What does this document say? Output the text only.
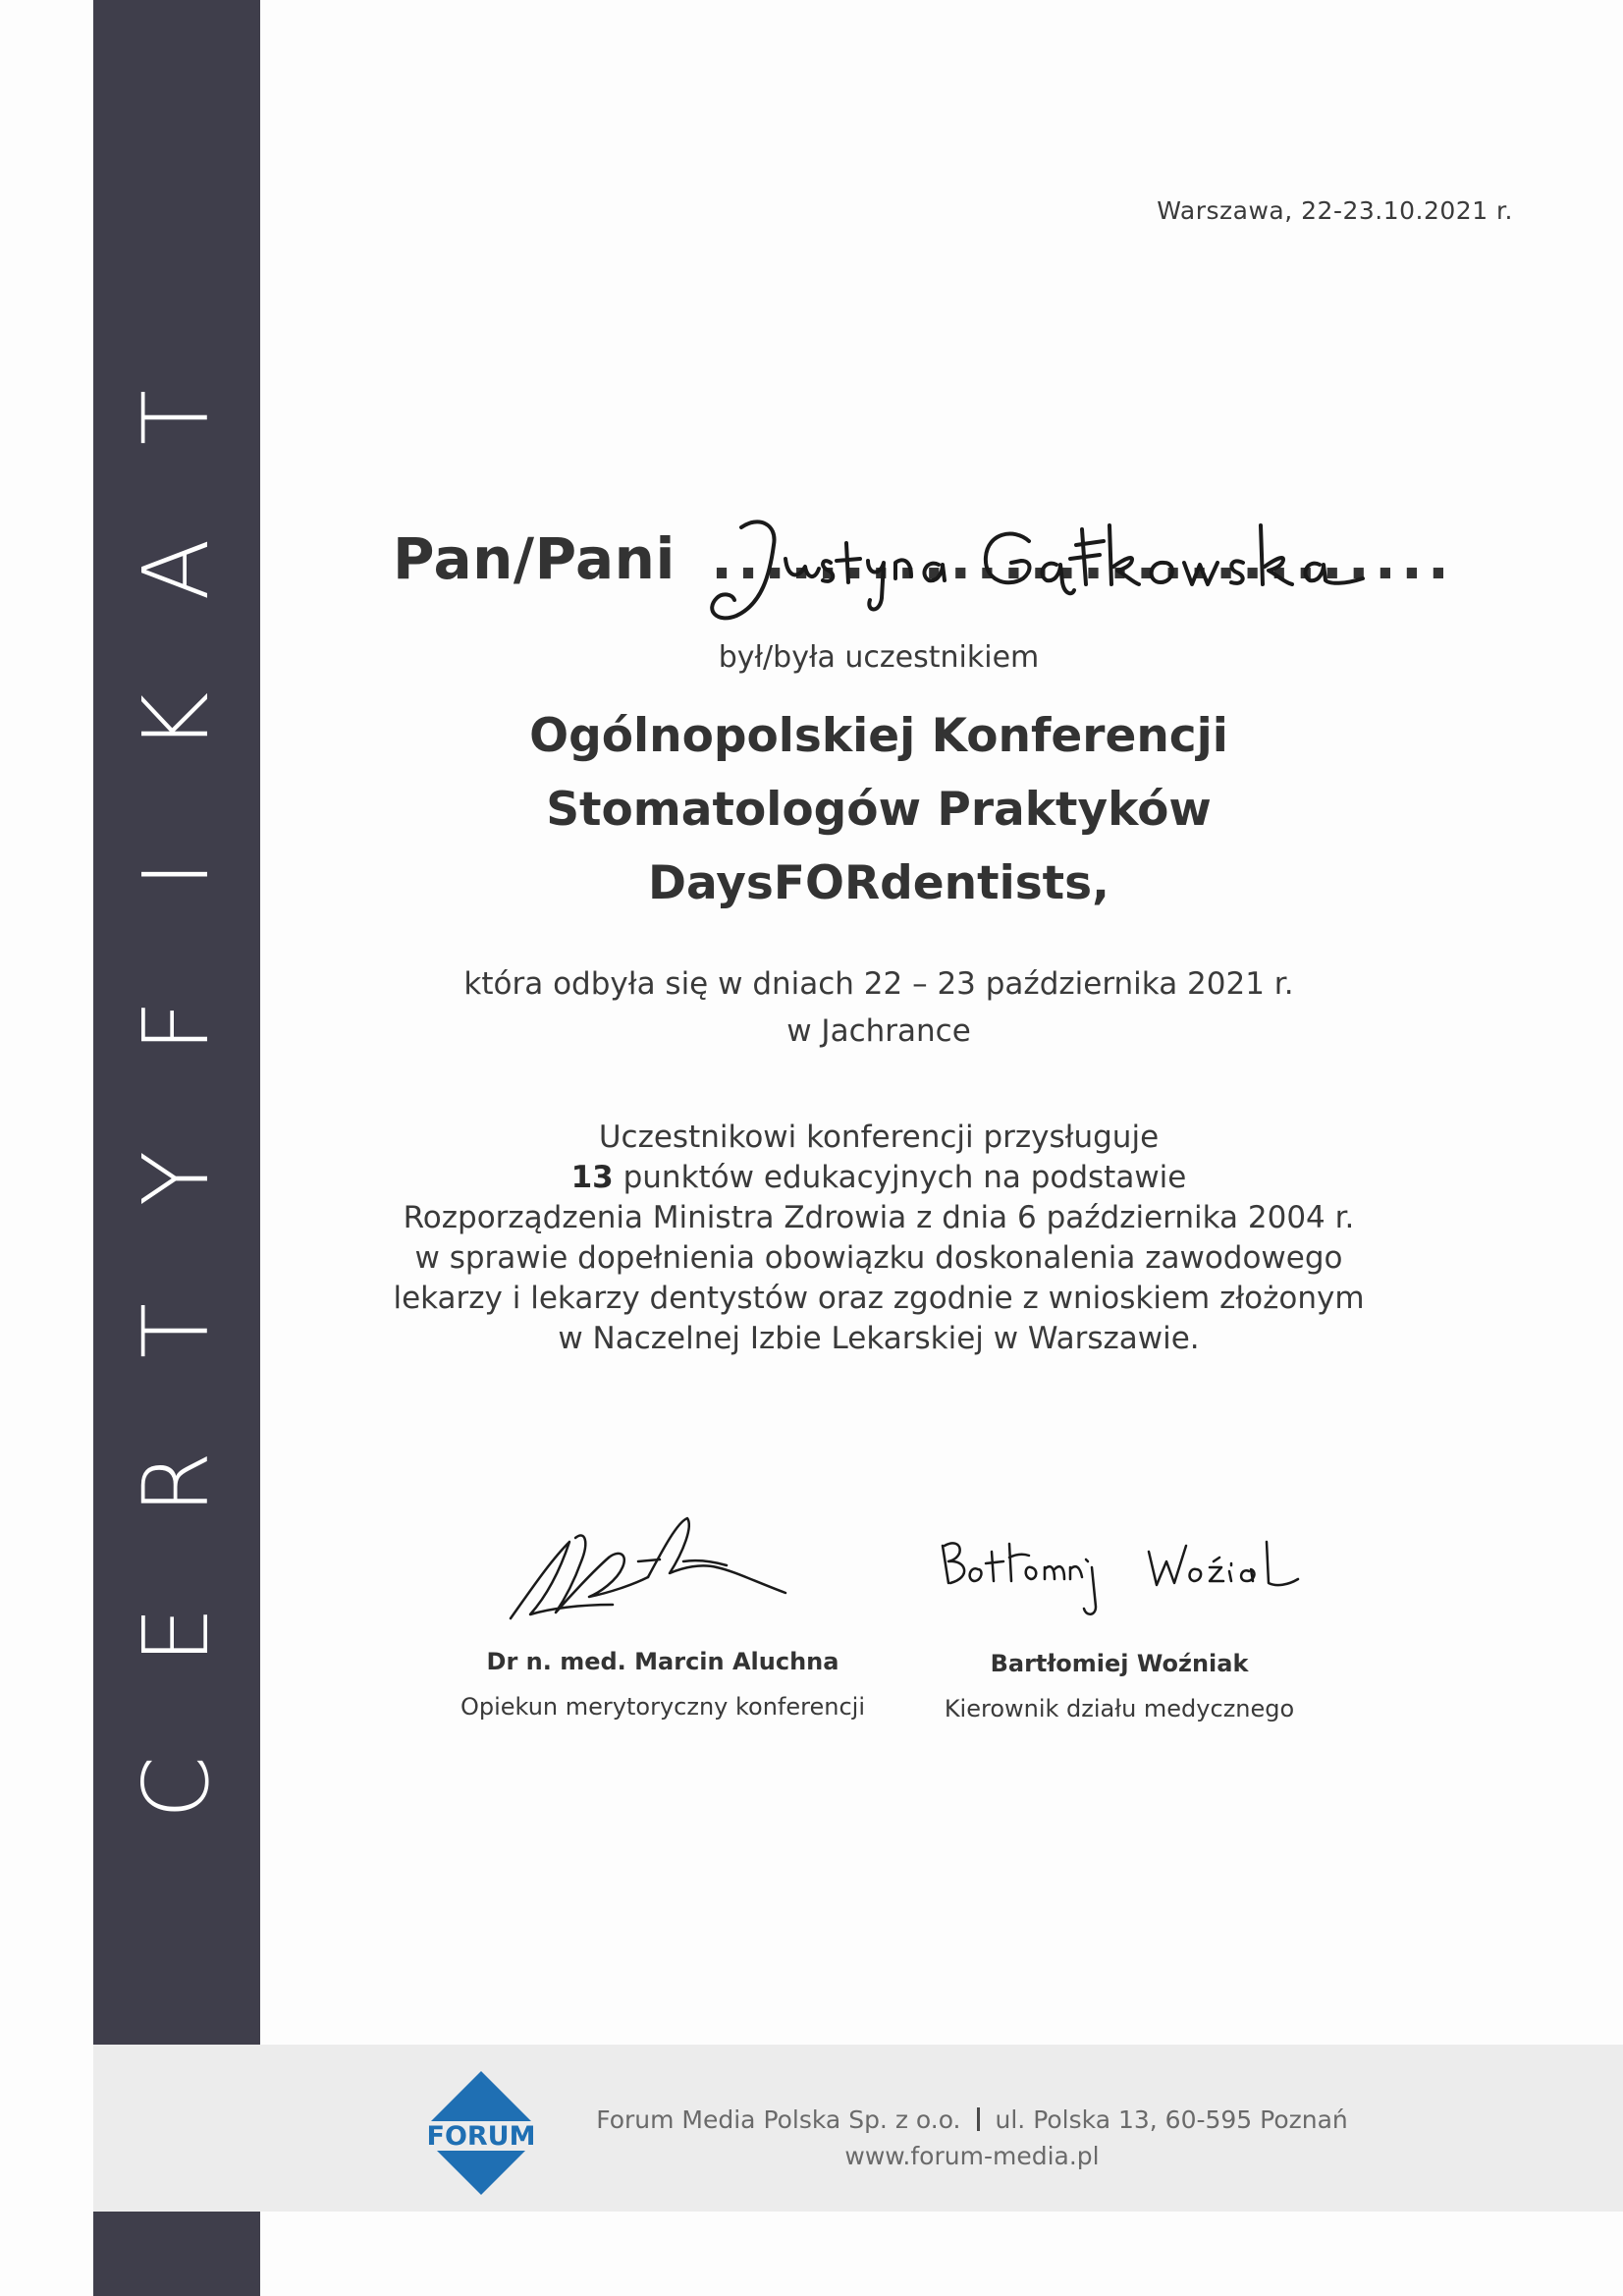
C
E
R
T
Y
F
I
K
A
T
Warszawa, 22-23.10.2021 r.
Pan/Pani ............................
był/była uczestnikiem
Ogólnopolskiej Konferencji
Stomatologów Praktyków
DaysFORdentists,
która odbyła się w dniach 22 – 23 października 2021 r.
w Jachrance
Uczestnikowi konferencji przysługuje
13 punktów edukacyjnych na podstawie
Rozporządzenia Ministra Zdrowia z dnia 6 października 2004 r.
w sprawie dopełnienia obowiązku doskonalenia zawodowego
lekarzy i lekarzy dentystów oraz zgodnie z wnioskiem złożonym
w Naczelnej Izbie Lekarskiej w Warszawie.
Dr n. med. Marcin Aluchna
Opiekun merytoryczny konferencji
Bartłomiej Woźniak
Kierownik działu medycznego
FORUM
Forum Media Polska Sp. z o.o. ul. Polska 13, 60-595 Poznań
www.forum-media.pl
